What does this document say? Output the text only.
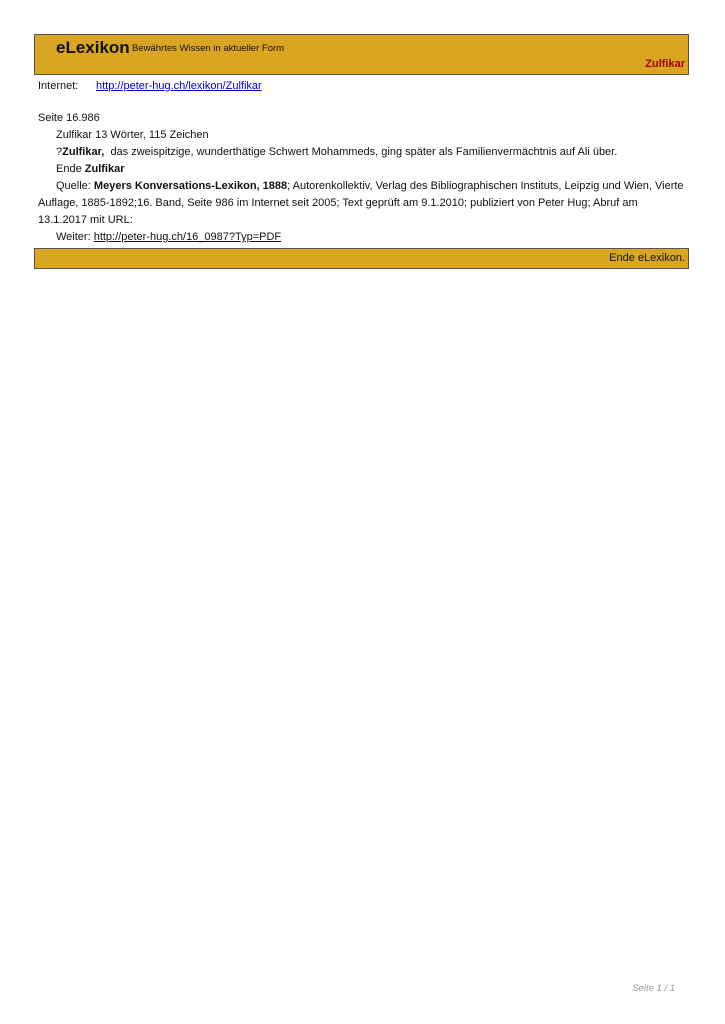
eLexikon Bewährtes Wissen in aktueller Form
Zulfikar
Internet: http://peter-hug.ch/lexikon/Zulfikar
Seite 16.986
Zulfikar 13 Wörter, 115 Zeichen
?Zulfikar, das zweispitzige, wunderthätige Schwert Mohammeds, ging später als Familienvermächtnis auf Ali über.
Ende Zulfikar
Quelle: Meyers Konversations-Lexikon, 1888; Autorenkollektiv, Verlag des Bibliographischen Instituts, Leipzig und Wien, Vierte Auflage, 1885-1892;16. Band, Seite 986 im Internet seit 2005; Text geprüft am 9.1.2010; publiziert von Peter Hug; Abruf am 13.1.2017 mit URL:
Weiter: http://peter-hug.ch/16_0987?Typ=PDF
Ende eLexikon.
Seite 1 / 1
